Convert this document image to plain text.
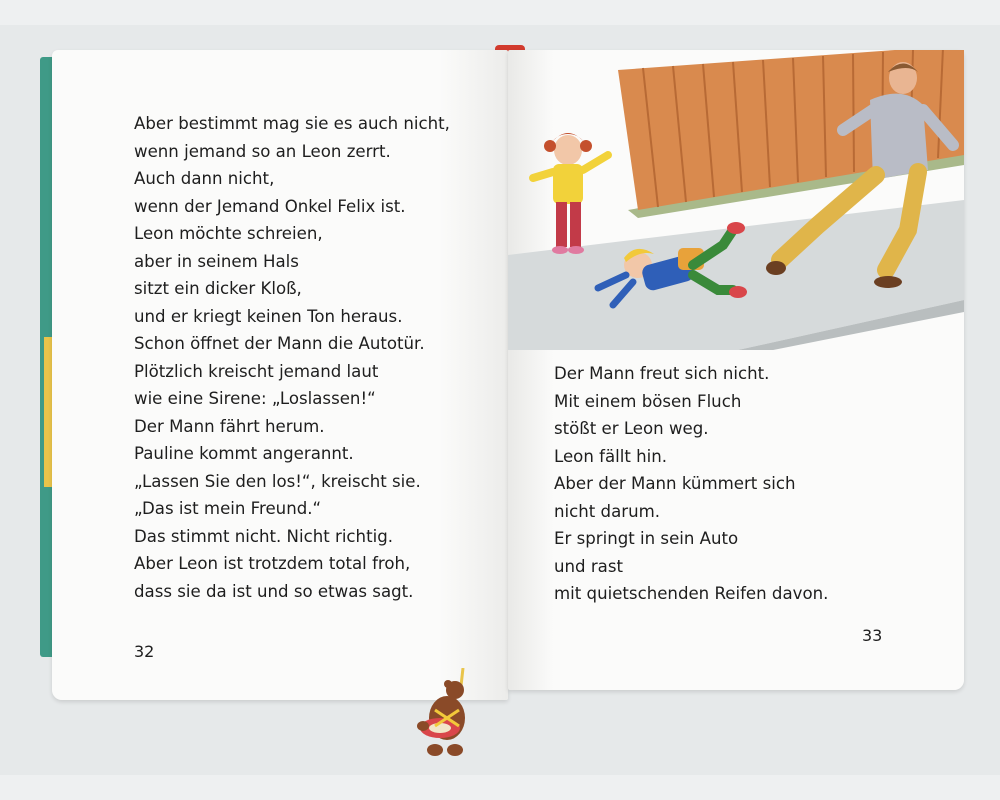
Aber bestimmt mag sie es auch nicht,
wenn jemand so an Leon zerrt.
Auch dann nicht,
wenn der Jemand Onkel Felix ist.
Leon möchte schreien,
aber in seinem Hals
sitzt ein dicker Kloß,
und er kriegt keinen Ton heraus.
Schon öffnet der Mann die Autotür.
Plötzlich kreischt jemand laut
wie eine Sirene: „Loslassen!“
Der Mann fährt herum.
Pauline kommt angerannt.
„Lassen Sie den los!“, kreischt sie.
„Das ist mein Freund.“
Das stimmt nicht. Nicht richtig.
Aber Leon ist trotzdem total froh,
dass sie da ist und so etwas sagt.
32
Der Mann freut sich nicht.
Mit einem bösen Fluch
stößt er Leon weg.
Leon fällt hin.
Aber der Mann kümmert sich
nicht darum.
Er springt in sein Auto
und rast
mit quietschenden Reifen davon.
33
